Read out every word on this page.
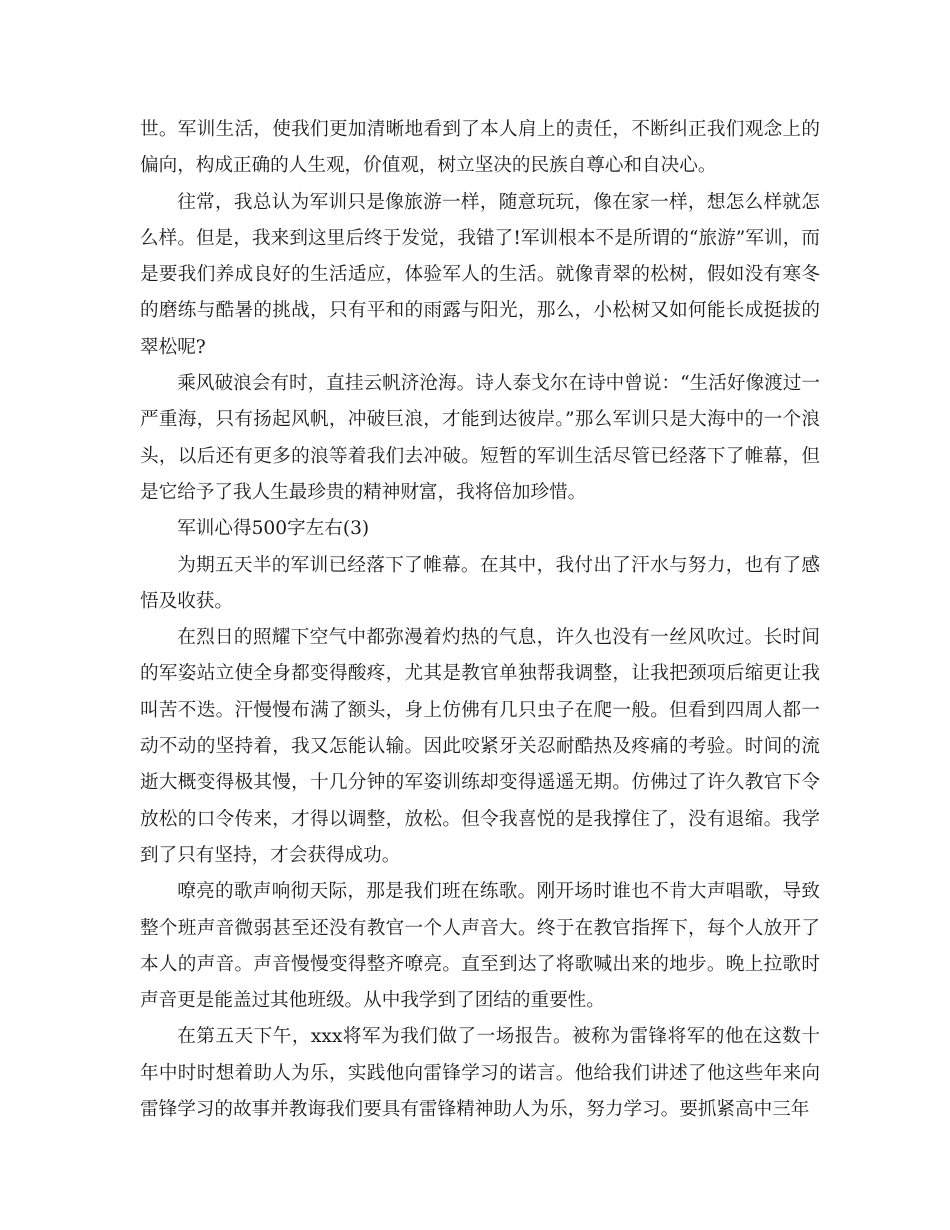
世。军训生活，使我们更加清晰地看到了本人肩上的责任，不断纠正我们观念上的偏向，构成正确的人生观，价值观，树立坚决的民族自尊心和自决心。

往常，我总认为军训只是像旅游一样，随意玩玩，像在家一样，想怎么样就怎么样。但是，我来到这里后终于发觉，我错了!军训根本不是所谓的“旅游”军训，而是要我们养成良好的生活适应，体验军人的生活。就像青翠的松树，假如没有寒冬的磨练与酷暑的挑战，只有平和的雨露与阳光，那么，小松树又如何能长成挺拔的翠松呢?

乘风破浪会有时，直挂云帆济沧海。诗人泰戈尔在诗中曾说：“生活好像渡过一严重海，只有扬起风帆，冲破巨浪，才能到达彼岸。”那么军训只是大海中的一个浪头，以后还有更多的浪等着我们去冲破。短暂的军训生活尽管已经落下了帷幕，但是它给予了我人生最珍贵的精神财富，我将倍加珍惜。

军训心得500字左右(3)

为期五天半的军训已经落下了帷幕。在其中，我付出了汗水与努力，也有了感悟及收获。

在烈日的照耀下空气中都弥漫着灼热的气息，许久也没有一丝风吹过。长时间的军姿站立使全身都变得酸疼，尤其是教官单独帮我调整，让我把颈项后缩更让我叫苦不迭。汗慢慢布满了额头，身上仿佛有几只虫子在爬一般。但看到四周人都一动不动的坚持着，我又怎能认输。因此咬紧牙关忍耐酷热及疼痛的考验。时间的流逝大概变得极其慢，十几分钟的军姿训练却变得遥遥无期。仿佛过了许久教官下令放松的口令传来，才得以调整，放松。但令我喜悦的是我撑住了，没有退缩。我学到了只有坚持，才会获得成功。

嘹亮的歌声响彻天际，那是我们班在练歌。刚开场时谁也不肯大声唱歌，导致整个班声音微弱甚至还没有教官一个人声音大。终于在教官指挥下，每个人放开了本人的声音。声音慢慢变得整齐嘹亮。直至到达了将歌喊出来的地步。晚上拉歌时声音更是能盖过其他班级。从中我学到了团结的重要性。

在第五天下午，xxx将军为我们做了一场报告。被称为雷锋将军的他在这数十年中时时想着助人为乐，实践他向雷锋学习的诺言。他给我们讲述了他这些年来向雷锋学习的故事并教诲我们要具有雷锋精神助人为乐，努力学习。要抓紧高中三年
